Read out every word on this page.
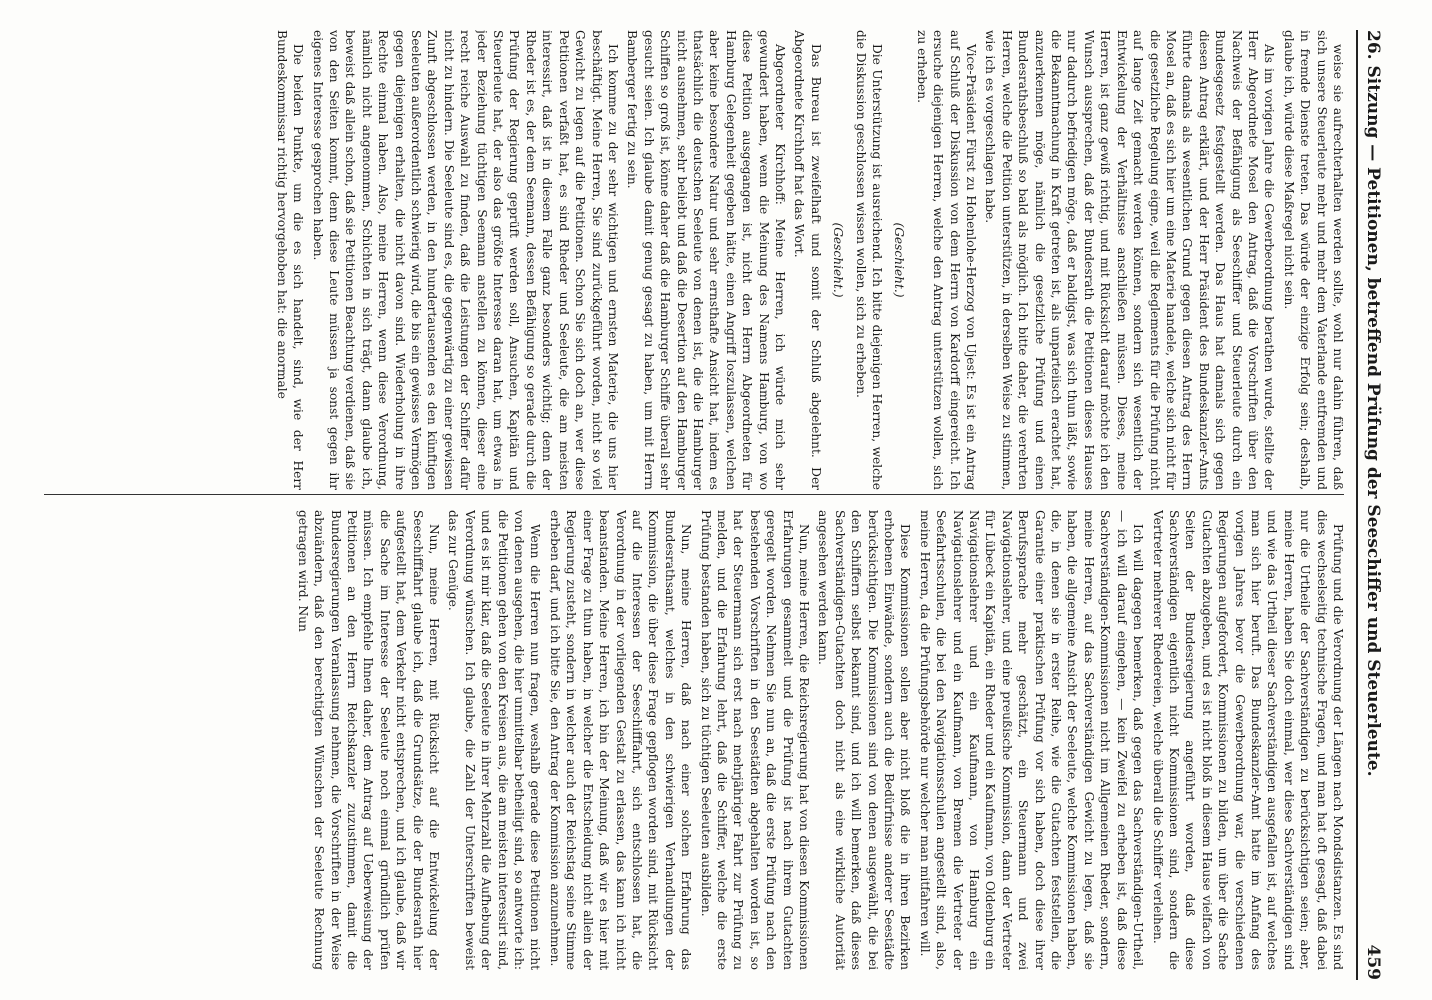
26. Sitzung — Petitionen, betreffend Prüfung der Seeschiffer und Steuerleute.
459

weise sie aufrechterhalten werden sollte, wohl nur dahin führen, daß sich unsere Steuerleute mehr und mehr dem Vaterlande entfremden und in fremde Dienste treten. Das würde der einzige Erfolg sein; deshalb, glaube ich, würde diese Maßregel nicht sein.

Als im vorigen Jahre die Gewerbeordnung berathen wurde, stellte der Herr Abgeordnete Mosel den Antrag, daß die Vorschriften über den Nachweis der Befähigung als Seeschiffer und Steuerleute durch ein Bundesgesetz festgestellt werden. Das Haus hat damals sich gegen diesen Antrag erklärt, und der Herr Präsident des Bundeskanzler-Amts führte damals als wesentlichen Grund gegen diesen Antrag des Herrn Mosel an, daß es sich hier um eine Materie handele, welche sich nicht für die gesetzliche Regelung eigne, weil die Reglements für die Prüfung nicht auf lange Zeit gemacht werden können, sondern sich wesentlich der Entwickelung der Verhältnisse anschließen müssen. Dieses, meine Herren, ist ganz gewiß richtig, und mit Rücksicht darauf möchte ich den Wunsch aussprechen, daß der Bundesrath die Petitionen dieses Hauses nur dadurch befriedigen möge, daß er baldigst, was sich thun läßt, sowie die Bekanntmachung in Kraft getreten ist, als unparteiisch erachtet hat, anzuerkennen möge, nämlich die gesetzliche Prüfung und einen Bundesrathsbeschluß so bald als möglich. Ich bitte daher, die verehrten Herren, welche die Petition unterstützen, in derselben Weise zu stimmen, wie ich es vorgeschlagen habe.

Vice-Präsident Fürst zu Hohenlohe-Herzog von Ujest: Es ist ein Antrag auf Schluß der Diskussion von dem Herrn von Kardorff eingereicht. Ich ersuche diejenigen Herren, welche den Antrag unterstützen wollen, sich zu erheben.

(Geschieht.)

Die Unterstützung ist ausreichend. Ich bitte diejenigen Herren, welche die Diskussion geschlossen wissen wollen, sich zu erheben.

(Geschieht.)

Das Bureau ist zweifelhaft und somit der Schluß abgelehnt. Der Abgeordnete Kirchhoff hat das Wort.

Abgeordneter Kirchhoff: Meine Herren, ich würde mich sehr gewundert haben, wenn die Meinung des Namens Hamburg, von wo diese Petition ausgegangen ist, nicht den Herrn Abgeordneten für Hamburg Gelegenheit gegeben hätte, einen Angriff loszulassen, welchen aber keine besondere Natur und sehr ernsthafte Ansicht hat, indem es thatsächlich die deutschen Seeleute von denen ist, die die Hamburger nicht ausnehmen, sehr beliebt und daß die Desertion auf den Hamburger Schiffen so groß ist, könne daher daß die Hamburger Schiffe überall sehr gesucht seien. Ich glaube damit genug gesagt zu haben, um mit Herrn Bamberger fertig zu sein.

Ich komme zu der sehr wichtigen und ernsten Materie, die uns hier beschäftigt. Meine Herren, Sie sind zurückgeführt worden, nicht so viel Gewicht zu legen auf die Petitionen. Schon Sie sich doch an, wer diese Petitionen verfaßt hat, es sind Rheder und Seeleute, die am meisten interessirt, daß ist in diesem Falle ganz besonders wichtig; denn der Rheder ist es, der dem Seemann, dessen Befähigung so gerade durch die Prüfung der Regierung geprüft werden soll, Ansuchen, Kapitän und Steuerleute hat, der also das größte Interesse daran hat, um etwas in jeder Beziehung tüchtigen Seemann anstellen zu können, dieser eine recht reiche Auswahl zu finden, daß die Leistungen der Schiffer dafür nicht zu hindern. Die Seeleute sind es, die gegenwärtig zu einer gewissen Zunft abgeschlossen werden, in den hundertausenden es den künftigen Seeleuten außerordentlich schwierig wird, die bis ein gewisses Vermögen gegen diejenigen erhalten, die nicht davon sind. Wiederholung in ihre Rechte einmal haben. Also, meine Herren, wenn diese Verordnung, nämlich nicht angenommen, Schichten in sich trägt, dann glaube ich, beweist daß allein schon, daß sie Petitionen Beachtung verdienen, daß sie von den Seiten kommt, denn diese Leute müssen ja sonst gegen ihr eigenes Interesse gesprochen haben.

Die beiden Punkte, um die es sich handelt, sind, wie der Herr Bundeskommissar richtig hervorgehoben hat: die anormale

Prüfung und die Verordnung der Längen nach Mondsdistanzen. Es sind dies wechselseitig technische Fragen, und man hat oft gesagt, daß dabei nur die Urtheile der Sachverständigen zu berücksichtigen seien; aber, meine Herren, haben Sie doch einmal, wer diese Sachverständigen sind und wie das Urtheil dieser Sachverständigen ausgefallen ist, auf welches man sich hier beruft. Das Bundeskanzler-Amt hatte im Anfang des vorigen Jahres bevor die Gewerbeordnung war, die verschiedenen Regierungen aufgefordert, Kommissionen zu bilden, um über die Sache Gutachten abzugeben, und es ist nicht bloß in diesem Hause vielfach von Seiten der Bundesregierung angeführt worden, daß diese Sachverständigen eigentlich nicht Kommissionen sind, sondern die Vertreter mehrerer Rhedereien, welche überall die Schiffer verleihen.

Ich will dagegen bemerken, daß gegen das Sachverständigen-Urtheil, — ich will darauf eingehen, — kein Zweifel zu erheben ist, daß diese Sachverständigen-Kommissionen nicht im Allgemeinen Rheder, sondern, meine Herren, auf das Sachverständigen Gewicht zu legen, daß sie haben, die allgemeine Ansicht der Seeleute, welche Kommissionen haben, die, in denen sie in erster Reihe, wie die Gutachten feststellen, die Garantie einer praktischen Prüfung vor sich haben, doch diese ihrer Berufssprache mehr geschätzt, ein Steuermann und zwei Navigationslehrer, und eine preußische Kommission, dann der Vertreter für Lübeck ein Kapitän, ein Rheder und ein Kaufmann, von Oldenburg ein Navigationslehrer und ein Kaufmann, von Hamburg ein Navigationslehrer und ein Kaufmann, von Bremen die Vertreter der Seefahrtsschulen, die bei den Navigationsschulen angestellt sind, also, meine Herren, da die Prüfungsbehörde nur welcher man mitfahren will.

Diese Kommissionen sollen aber nicht bloß die in ihren Bezirken erhobenen Einwände, sondern auch die Bedürfnisse anderer Seestädte berücksichtigen. Die Kommissionen sind von denen ausgewählt, die bei den Schiffern selbst bekannt sind, und ich will bemerken, daß dieses Sachverständigen-Gutachten doch nicht als eine wirkliche Autorität angesehen werden kann.

Nun, meine Herren, die Reichsregierung hat von diesen Kommissionen Erfahrungen gesammelt und die Prüfung ist nach ihrem Gutachten geregelt worden. Nehmen Sie nun an, daß die erste Prüfung nach den bestehenden Vorschriften in den Seestädten abgehalten worden ist, so hat der Steuermann sich erst nach mehrjähriger Fahrt zur Prüfung zu melden, und die Erfahrung lehrt, daß die Schiffer, welche die erste Prüfung bestanden haben, sich zu tüchtigen Seeleuten ausbilden.

Nun, meine Herren, daß nach einer solchen Erfahrung das Bundesrathsamt, welches in den schwierigen Verhandlungen der Kommission, die über diese Frage gepflogen worden sind, mit Rücksicht auf die Interessen der Seeschifffahrt, sich entschlossen hat, die Verordnung in der vorliegenden Gestalt zu erlassen, das kann ich nicht beanstanden. Meine Herren, ich bin der Meinung, daß wir es hier mit einer Frage zu thun haben, in welcher die Entscheidung nicht allein der Regierung zusteht, sondern in welcher auch der Reichstag seine Stimme erheben darf, und ich bitte Sie, den Antrag der Kommission anzunehmen.

Wenn die Herren nun fragen, weshalb gerade diese Petitionen nicht von denen ausgehen, die hier unmittelbar betheiligt sind, so antworte ich: die Petitionen gehen von den Kreisen aus, die am meisten interessirt sind, und es ist mir klar, daß die Seeleute in ihrer Mehrzahl die Aufhebung der Verordnung wünschen. Ich glaube, die Zahl der Unterschriften beweist das zur Genüge.

Nun, meine Herren, mit Rücksicht auf die Entwickelung der Seeschifffahrt glaube ich, daß die Grundsätze, die der Bundesrath hier aufgestellt hat, dem Verkehr nicht entsprechen, und ich glaube, daß wir die Sache im Interesse der Seeleute noch einmal gründlich prüfen müssen. Ich empfehle Ihnen daher, dem Antrag auf Ueberweisung der Petitionen an den Herrn Reichskanzler zuzustimmen, damit die Bundesregierungen Veranlassung nehmen, die Vorschriften in der Weise abzuändern, daß den berechtigten Wünschen der Seeleute Rechnung getragen wird. Nun
